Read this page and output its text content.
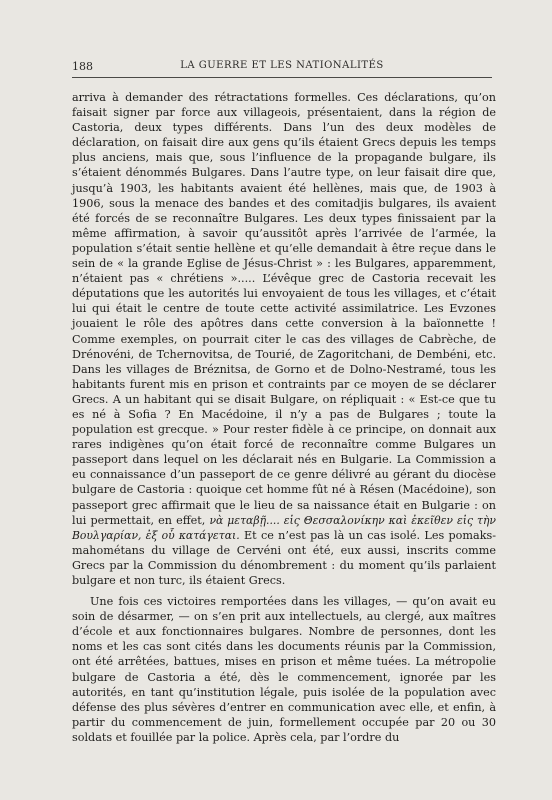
188	LA GUERRE ET LES NATIONALITÉS

arriva à demander des rétractations formelles. Ces déclarations, qu’on faisait signer par force aux villageois, présentaient, dans la région de Castoria, deux types différents. Dans l’un des deux modèles de déclaration, on faisait dire aux gens qu’ils étaient Grecs depuis les temps plus anciens, mais que, sous l’influence de la propagande bulgare, ils s’étaient dénommés Bulgares. Dans l’autre type, on leur faisait dire que, jusqu’à 1903, les habitants avaient été hellènes, mais que, de 1903 à 1906, sous la menace des bandes et des comitadjis bulgares, ils avaient été forcés de se reconnaître Bulgares. Les deux types finissaient par la même affirmation, à savoir qu’aussitôt après l’arrivée de l’armée, la population s’était sentie hellène et qu’elle demandait à être reçue dans le sein de « la grande Eglise de Jésus-Christ » : les Bulgares, apparemment, n’étaient pas « chrétiens »..... L’évêque grec de Castoria recevait les députations que les autorités lui envoyaient de tous les villages, et c’était lui qui était le centre de toute cette activité assimilatrice. Les Evzones jouaient le rôle des apôtres dans cette conversion à la baïonnette ! Comme exemples, on pourrait citer le cas des villages de Cabrèche, de Drénovéni, de Tchernovitsa, de Tourié, de Zagoritchani, de Dembéni, etc. Dans les villages de Bréznitsa, de Gorno et de Dolno-Nestramé, tous les habitants furent mis en prison et contraints par ce moyen de se déclarer Grecs. A un habitant qui se disait Bulgare, on répliquait : « Est-ce que tu es né à Sofia ? En Macédoine, il n’y a pas de Bulgares ; toute la population est grecque. » Pour rester fidèle à ce principe, on donnait aux rares indigènes qu’on était forcé de reconnaître comme Bulgares un passeport dans lequel on les déclarait nés en Bulgarie. La Commission a eu connaissance d’un passeport de ce genre délivré au gérant du diocèse bulgare de Castoria : quoique cet homme fût né à Résen (Macédoine), son passeport grec affirmait que le lieu de sa naissance était en Bulgarie : on lui permettait, en effet, νὰ μεταβῇ.... εἰς Θεσσαλονίκην καὶ ἐκεῖθεν εἰς τὴν Βουλγαρίαν, ἐξ οὗ κατάγεται. Et ce n’est pas là un cas isolé. Les pomaks-mahométans du village de Cervéni ont été, eux aussi, inscrits comme Grecs par la Commission du dénombrement : du moment qu’ils parlaient bulgare et non turc, ils étaient Grecs.

Une fois ces victoires remportées dans les villages, — qu’on avait eu soin de désarmer, — on s’en prit aux intellectuels, au clergé, aux maîtres d’école et aux fonctionnaires bulgares. Nombre de personnes, dont les noms et les cas sont cités dans les documents réunis par la Commission, ont été arrêtées, battues, mises en prison et même tuées. La métropolie bulgare de Castoria a été, dès le commencement, ignorée par les autorités, en tant qu’institution légale, puis isolée de la population avec défense des plus sévères d’entrer en communication avec elle, et enfin, à partir du commencement de juin, formellement occupée par 20 ou 30 soldats et fouillée par la police. Après cela, par l’ordre du
